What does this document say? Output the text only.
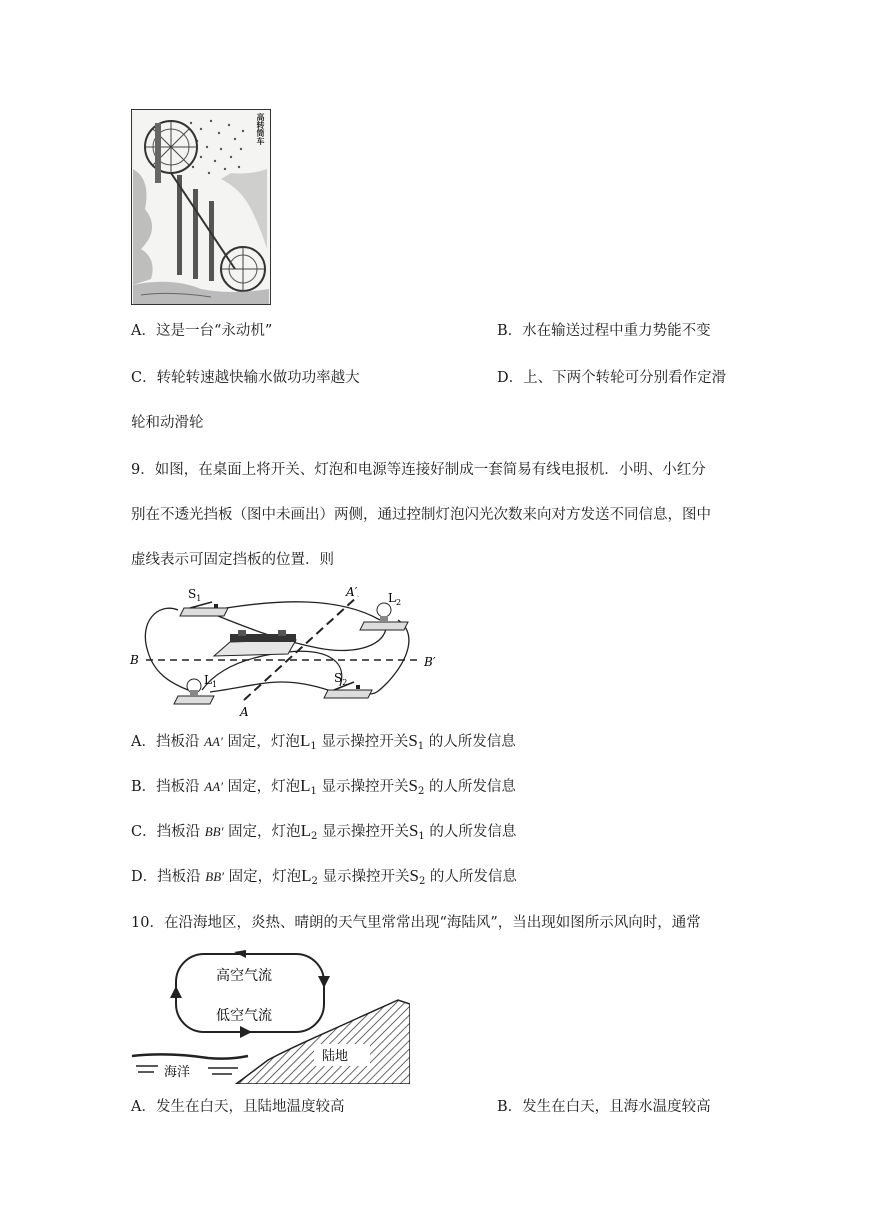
高转筒车
A．这是一台“永动机”	B．水在输送过程中重力势能不变
C．转轮转速越快输水做功功率越大	D．上、下两个转轮可分别看作定滑
轮和动滑轮
9．如图，在桌面上将开关、灯泡和电源等连接好制成一套简易有线电报机．小明、小红分
别在不透光挡板（图中未画出）两侧，通过控制灯泡闪光次数来向对方发送不同信息，图中
虚线表示可固定挡板的位置．则
$S_1$	$L_2$
$L_1$	$S_2$
A′
A
B	B′
A．挡板沿 AA′ 固定，灯泡$L_1$ 显示操控开关$S_1$ 的人所发信息
B．挡板沿 AA′ 固定，灯泡$L_1$ 显示操控开关$S_2$ 的人所发信息
C．挡板沿 BB′ 固定，灯泡$L_2$ 显示操控开关$S_1$ 的人所发信息
D．挡板沿 BB′ 固定，灯泡$L_2$ 显示操控开关$S_2$ 的人所发信息
10．在沿海地区，炎热、晴朗的天气里常常出现“海陆风”，当出现如图所示风向时，通常
高空气流
低空气流
陆地
海洋
A．发生在白天，且陆地温度较高	B．发生在白天，且海水温度较高
